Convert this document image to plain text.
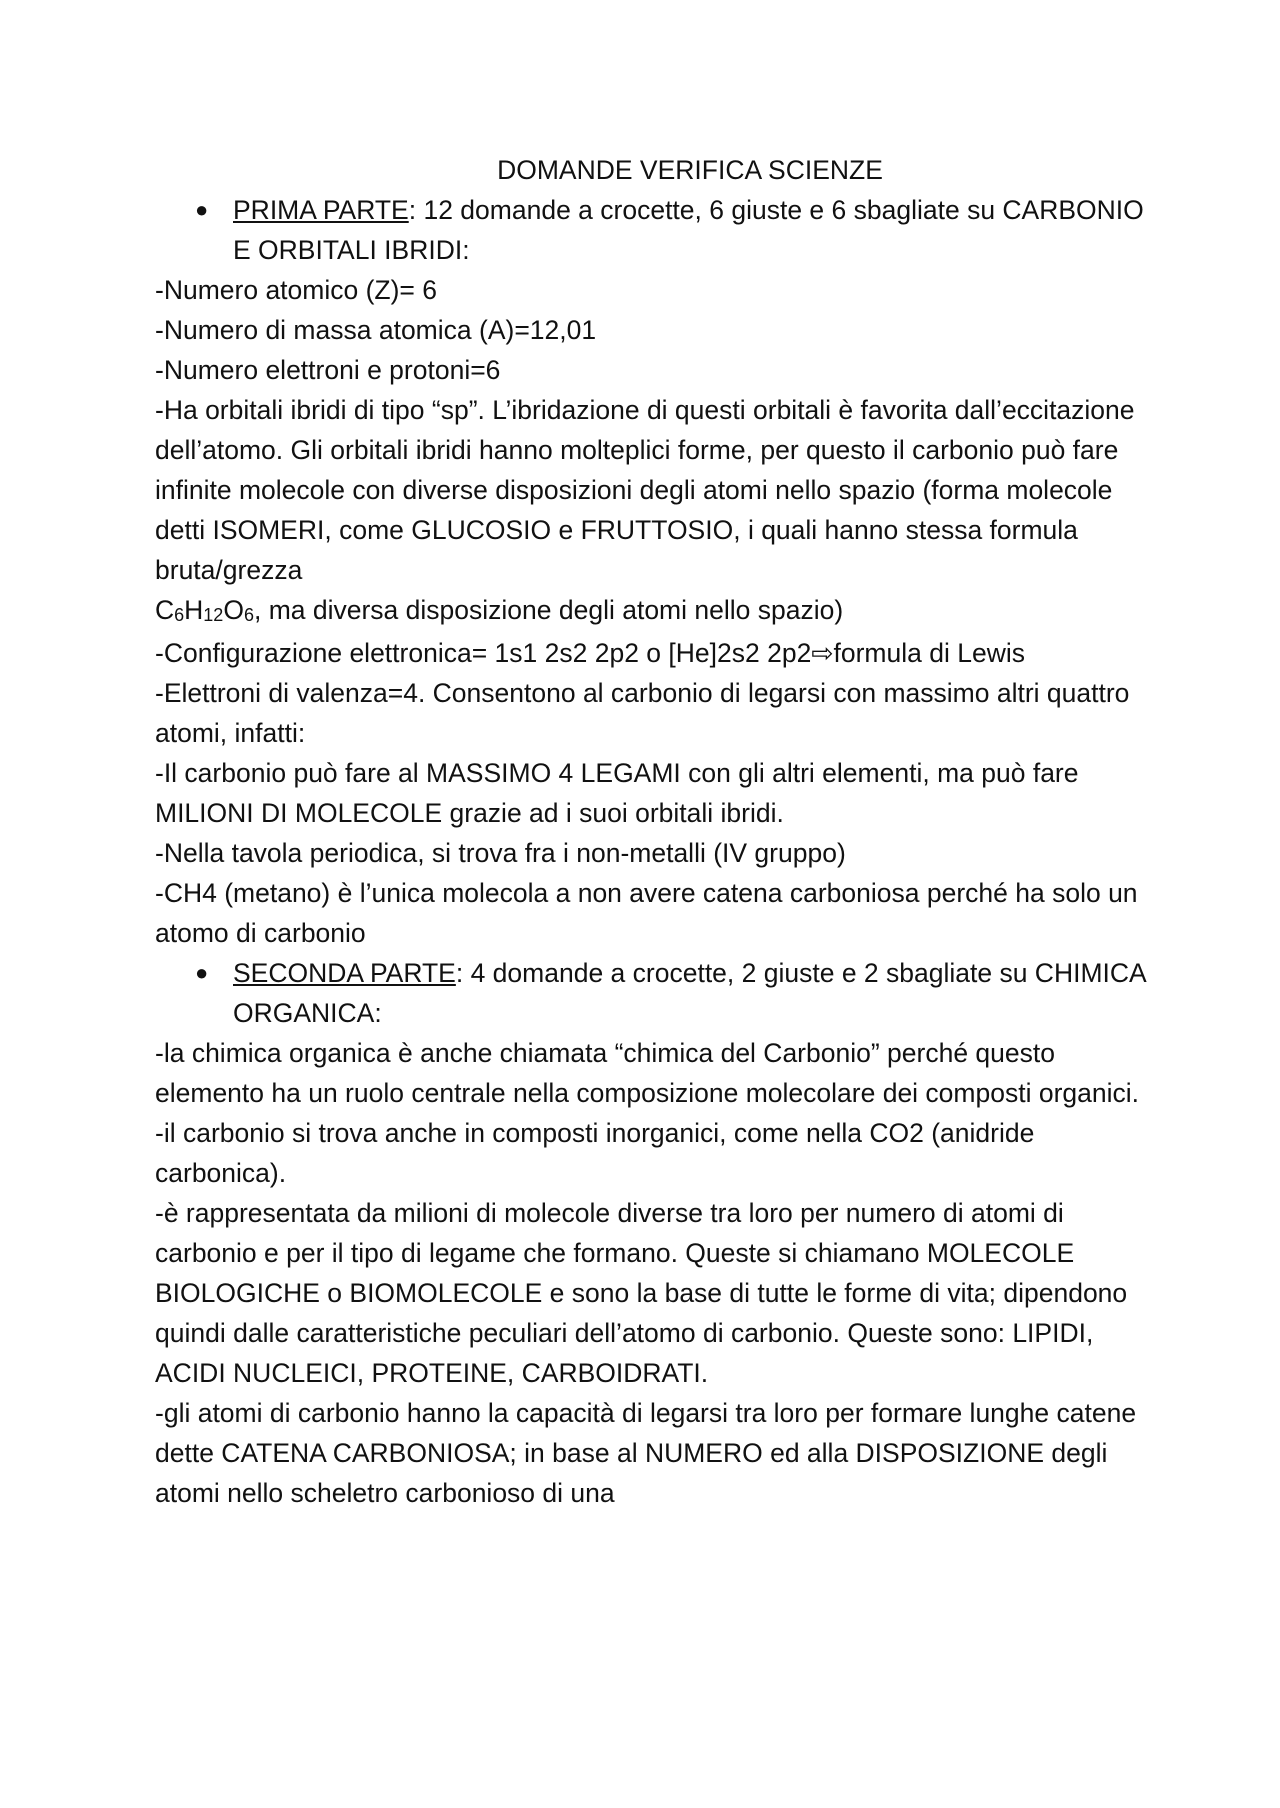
DOMANDE VERIFICA SCIENZE
● PRIMA PARTE: 12 domande a crocette, 6 giuste e 6 sbagliate su CARBONIO E ORBITALI IBRIDI:

-Numero atomico (Z)= 6

-Numero di massa atomica (A)=12,01

-Numero elettroni e protoni=6

-Ha orbitali ibridi di tipo “sp”. L’ibridazione di questi orbitali è favorita dall’eccitazione dell’atomo. Gli orbitali ibridi hanno molteplici forme, per questo il carbonio può fare infinite molecole con diverse disposizioni degli atomi nello spazio (forma molecole detti ISOMERI, come GLUCOSIO e FRUTTOSIO, i quali hanno stessa formula bruta/grezza

$C_6H_{12}O_6$, ma diversa disposizione degli atomi nello spazio)

-Configurazione elettronica= 1s1 2s2 2p2 o [He]2s2 2p2⇨formula di Lewis

-Elettroni di valenza=4. Consentono al carbonio di legarsi con massimo altri quattro atomi, infatti:

-Il carbonio può fare al MASSIMO 4 LEGAMI con gli altri elementi, ma può fare MILIONI DI MOLECOLE grazie ad i suoi orbitali ibridi.

-Nella tavola periodica, si trova fra i non-metalli (IV gruppo)

-CH4 (metano) è l’unica molecola a non avere catena carboniosa perché ha solo un atomo di carbonio

● SECONDA PARTE: 4 domande a crocette, 2 giuste e 2 sbagliate su CHIMICA ORGANICA:

-la chimica organica è anche chiamata “chimica del Carbonio” perché questo elemento ha un ruolo centrale nella composizione molecolare dei composti organici.

-il carbonio si trova anche in composti inorganici, come nella CO2 (anidride carbonica).

-è rappresentata da milioni di molecole diverse tra loro per numero di atomi di carbonio e per il tipo di legame che formano. Queste si chiamano MOLECOLE BIOLOGICHE o BIOMOLECOLE e sono la base di tutte le forme di vita; dipendono quindi dalle caratteristiche peculiari dell’atomo di carbonio. Queste sono: LIPIDI, ACIDI NUCLEICI, PROTEINE, CARBOIDRATI.

-gli atomi di carbonio hanno la capacità di legarsi tra loro per formare lunghe catene dette CATENA CARBONIOSA; in base al NUMERO ed alla DISPOSIZIONE degli atomi nello scheletro carbonioso di una
